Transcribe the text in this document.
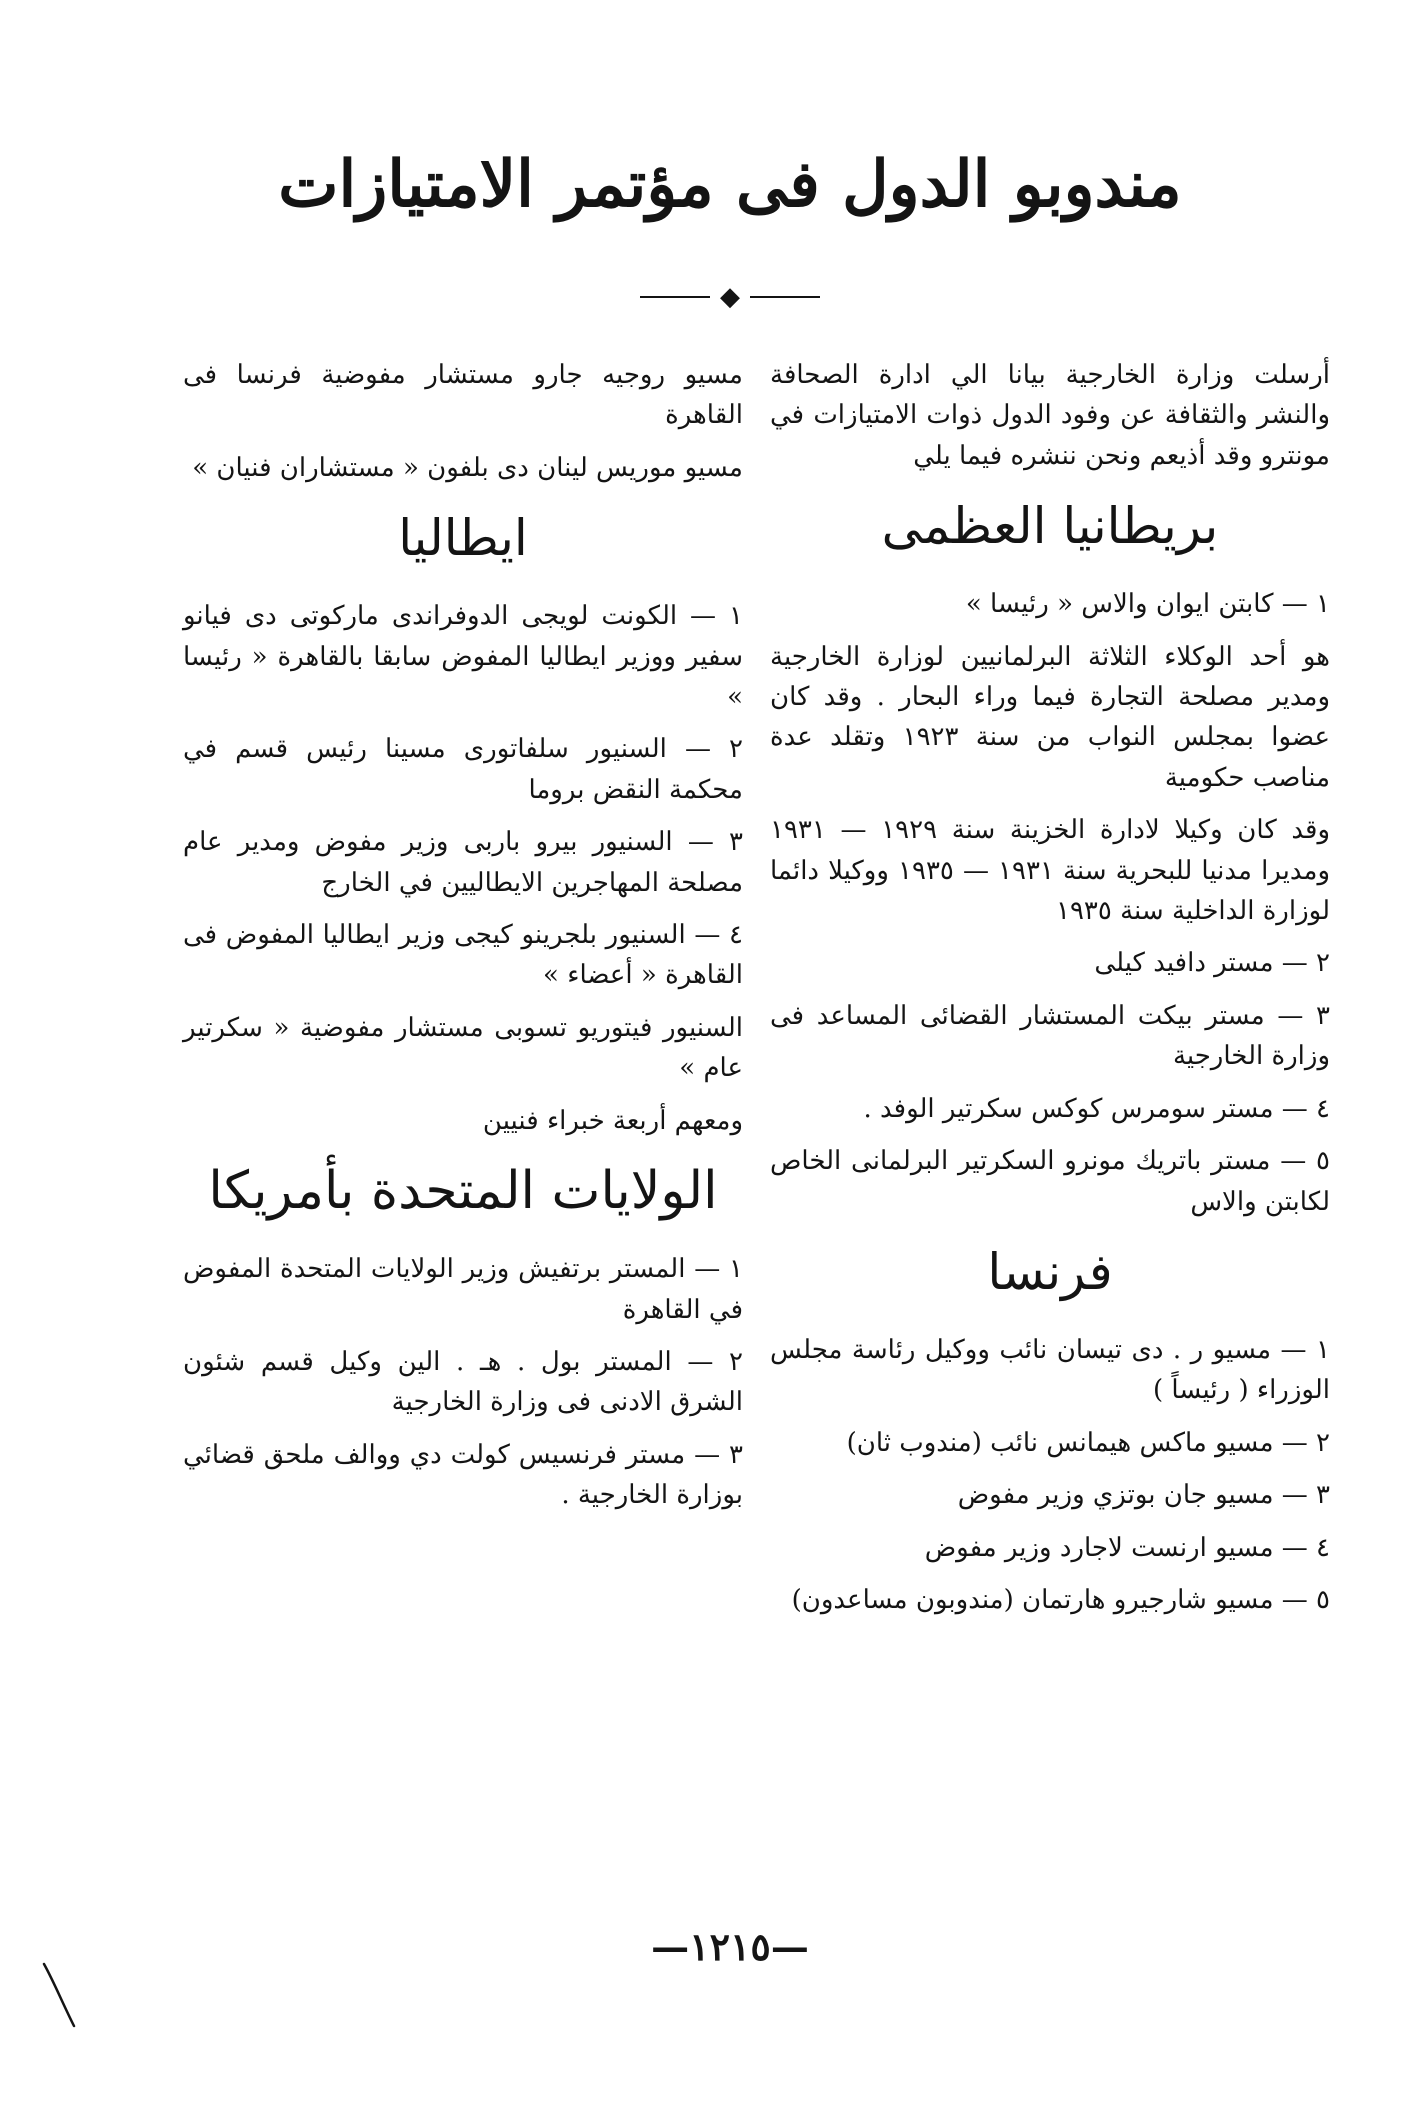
مندوبو الدول فى مؤتمر الامتيازات
◆

أرسلت وزارة الخارجية بيانا الي ادارة الصحافة والنشر والثقافة عن وفود الدول ذوات الامتيازات في مونترو وقد أذيعم ونحن ننشره فيما يلي

بريطانيا العظمى

١ — كابتن ايوان والاس « رئيسا »

هو أحد الوكلاء الثلاثة البرلمانيين لوزارة الخارجية ومدير مصلحة التجارة فيما وراء البحار . وقد كان عضوا بمجلس النواب من سنة ١٩٢٣ وتقلد عدة مناصب حكومية

وقد كان وكيلا لادارة الخزينة سنة ١٩٢٩ — ١٩٣١ ومديرا مدنيا للبحرية سنة ١٩٣١ — ١٩٣٥ ووكيلا دائما لوزارة الداخلية سنة ١٩٣٥

٢ — مستر دافيد كيلى

٣ — مستر بيكت المستشار القضائى المساعد فى وزارة الخارجية

٤ — مستر سومرس كوكس سكرتير الوفد .

٥ — مستر باتريك مونرو السكرتير البرلمانى الخاص لكابتن والاس

فرنسا

١ — مسيو ر . دى تيسان نائب ووكيل رئاسة مجلس الوزراء ( رئيساً )

٢ — مسيو ماكس هيمانس نائب (مندوب ثان)

٣ — مسيو جان بوتزي وزير مفوض

٤ — مسيو ارنست لاجارد وزير مفوض

٥ — مسيو شارجيرو هارتمان (مندوبون مساعدون)

مسيو روجيه جارو مستشار مفوضية فرنسا فى القاهرة

مسيو موريس لينان دى بلفون « مستشاران فنيان »

ايطاليا

١ — الكونت لويجى الدوفراندى ماركوتى دى فيانو سفير ووزير ايطاليا المفوض سابقا بالقاهرة « رئيسا »

٢ — السنيور سلفاتورى مسينا رئيس قسم في محكمة النقض بروما

٣ — السنيور بيرو باربى وزير مفوض ومدير عام مصلحة المهاجرين الايطاليين في الخارج

٤ — السنيور بلجرينو كيجى وزير ايطاليا المفوض فى القاهرة « أعضاء »

السنيور فيتوريو تسوبى مستشار مفوضية « سكرتير عام »

ومعهم أربعة خبراء فنيين

الولايات المتحدة بأمريكا

١ — المستر برتفيش وزير الولايات المتحدة المفوض في القاهرة

٢ — المستر بول . هـ . الين وكيل قسم شئون الشرق الادنى فى وزارة الخارجية

٣ — مستر فرنسيس كولت دي ووالف ملحق قضائي بوزارة الخارجية .

—١٢١٥—
